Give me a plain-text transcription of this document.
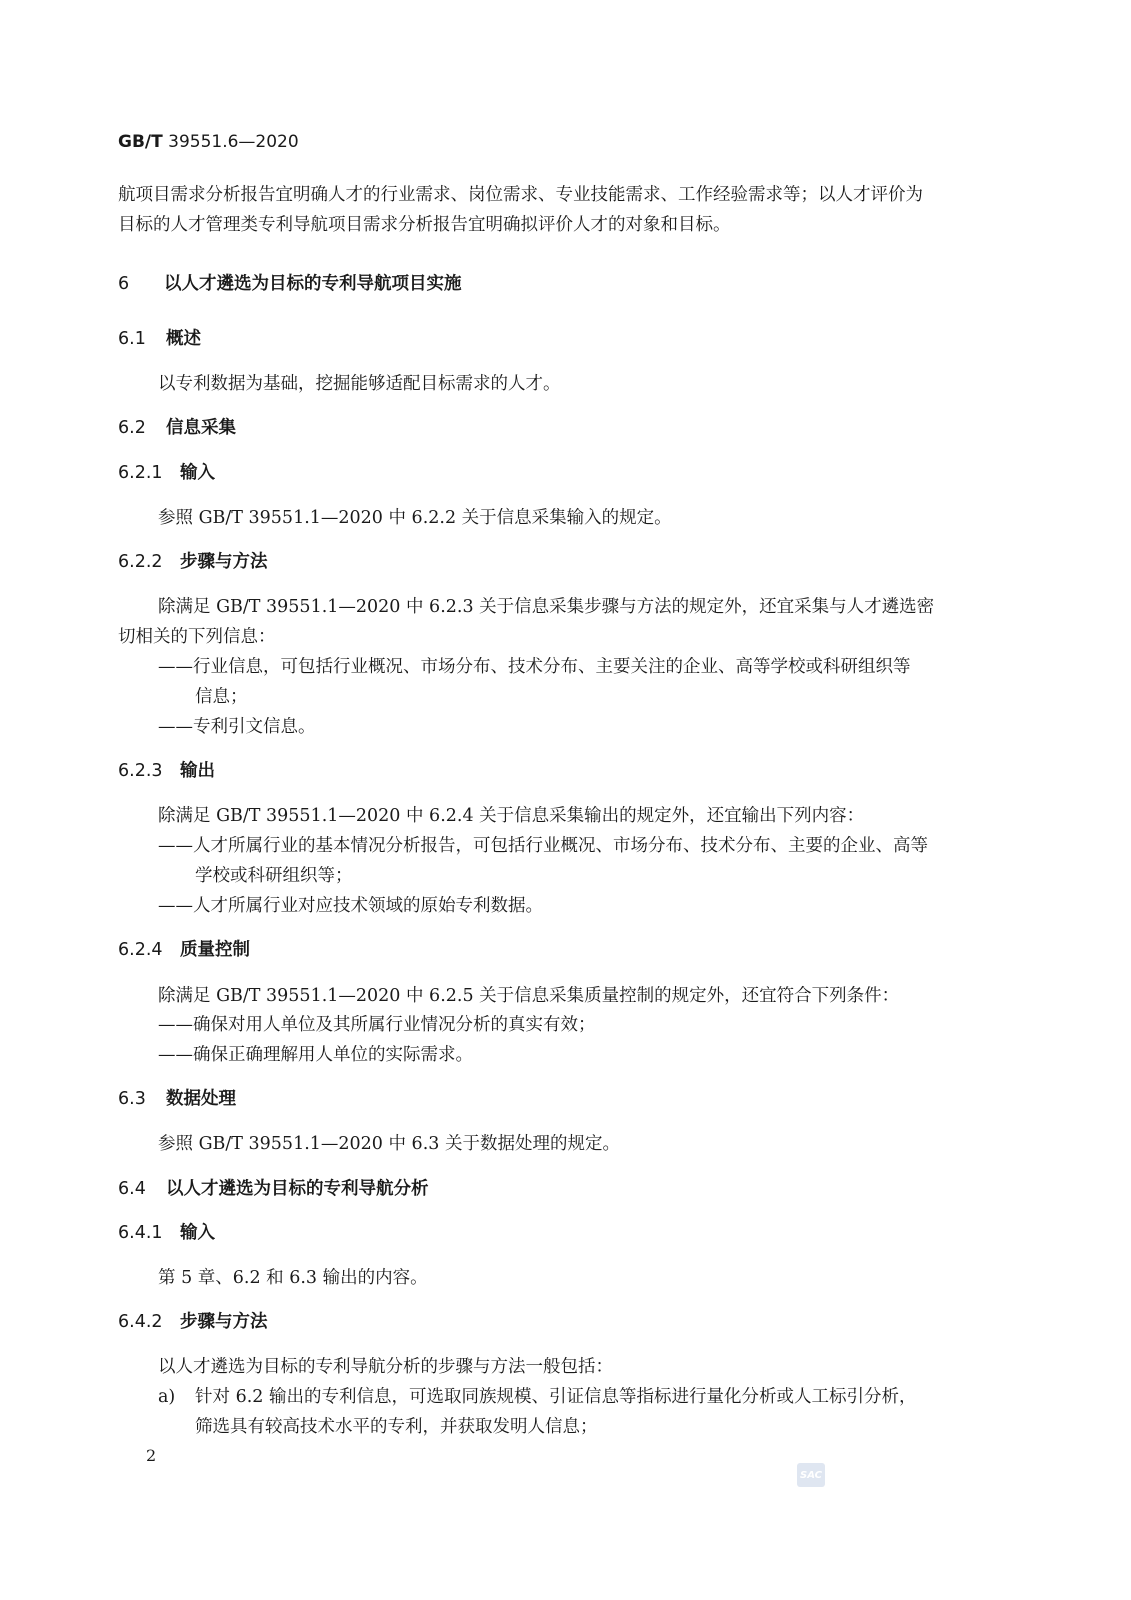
GB/T 39551.6—2020
航项目需求分析报告宜明确人才的行业需求、岗位需求、专业技能需求、工作经验需求等；以人才评价为
目标的人才管理类专利导航项目需求分析报告宜明确拟评价人才的对象和目标。
6 以人才遴选为目标的专利导航项目实施
6.1 概述
以专利数据为基础，挖掘能够适配目标需求的人才。
6.2 信息采集
6.2.1 输入
参照 GB/T 39551.1—2020 中 6.2.2 关于信息采集输入的规定。
6.2.2 步骤与方法
除满足 GB/T 39551.1—2020 中 6.2.3 关于信息采集步骤与方法的规定外，还宜采集与人才遴选密
切相关的下列信息：
——行业信息，可包括行业概况、市场分布、技术分布、主要关注的企业、高等学校或科研组织等
信息；
——专利引文信息。
6.2.3 输出
除满足 GB/T 39551.1—2020 中 6.2.4 关于信息采集输出的规定外，还宜输出下列内容：
——人才所属行业的基本情况分析报告，可包括行业概况、市场分布、技术分布、主要的企业、高等
学校或科研组织等；
——人才所属行业对应技术领域的原始专利数据。
6.2.4 质量控制
除满足 GB/T 39551.1—2020 中 6.2.5 关于信息采集质量控制的规定外，还宜符合下列条件：
——确保对用人单位及其所属行业情况分析的真实有效；
——确保正确理解用人单位的实际需求。
6.3 数据处理
参照 GB/T 39551.1—2020 中 6.3 关于数据处理的规定。
6.4 以人才遴选为目标的专利导航分析
6.4.1 输入
第 5 章、6.2 和 6.3 输出的内容。
6.4.2 步骤与方法
以人才遴选为目标的专利导航分析的步骤与方法一般包括：
a) 针对 6.2 输出的专利信息，可选取同族规模、引证信息等指标进行量化分析或人工标引分析，
筛选具有较高技术水平的专利，并获取发明人信息；
2
SAC
